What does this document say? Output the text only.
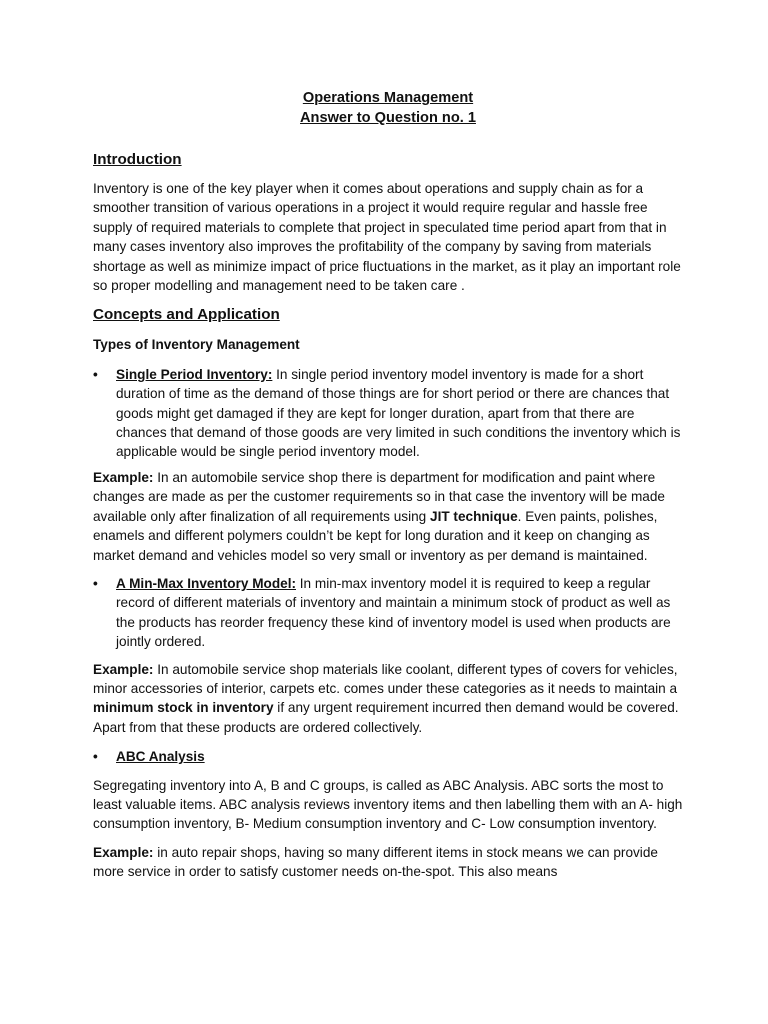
Operations Management

Answer to Question no. 1

Introduction

Inventory is one of the key player when it comes about operations and supply chain as for a smoother transition of various operations in a project it would require regular and hassle free supply of required materials to complete that project in speculated time period apart from that in many cases inventory also improves the profitability of the company by saving from materials shortage as well as minimize impact of price fluctuations in the market, as it play an important role so proper modelling and management need to be taken care .

Concepts and Application

Types of Inventory Management

• Single Period Inventory: In single period inventory model inventory is made for a short duration of time as the demand of those things are for short period or there are chances that goods might get damaged if they are kept for longer duration, apart from that there are chances that demand of those goods are very limited in such conditions the inventory which is applicable would be single period inventory model.

Example: In an automobile service shop there is department for modification and paint where changes are made as per the customer requirements so in that case the inventory will be made available only after finalization of all requirements using JIT technique. Even paints, polishes, enamels and different polymers couldn’t be kept for long duration and it keep on changing as market demand and vehicles model so very small or inventory as per demand is maintained.

• A Min-Max Inventory Model: In min-max inventory model it is required to keep a regular record of different materials of inventory and maintain a minimum stock of product as well as the products has reorder frequency these kind of inventory model is used when products are jointly ordered.

Example: In automobile service shop materials like coolant, different types of covers for vehicles, minor accessories of interior, carpets etc. comes under these categories as it needs to maintain a minimum stock in inventory if any urgent requirement incurred then demand would be covered. Apart from that these products are ordered collectively.

• ABC Analysis

Segregating inventory into A, B and C groups, is called as ABC Analysis. ABC sorts the most to least valuable items. ABC analysis reviews inventory items and then labelling them with an A- high consumption inventory, B- Medium consumption inventory and C- Low consumption inventory.

Example: in auto repair shops, having so many different items in stock means we can provide more service in order to satisfy customer needs on-the-spot. This also means
